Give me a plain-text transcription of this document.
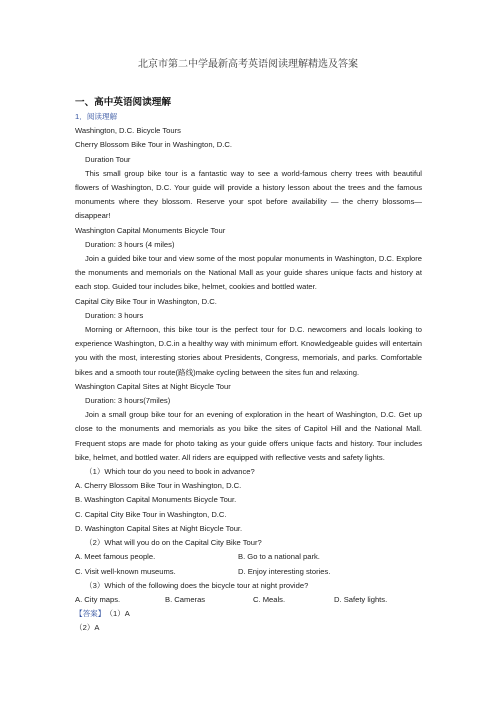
北京市第二中学最新高考英语阅读理解精选及答案
一、高中英语阅读理解
1．阅读理解
Washington, D.C. Bicycle Tours
Cherry Blossom Bike Tour in Washington, D.C.
Duration Tour
This small group bike tour is a fantastic way to see a world-famous cherry trees with beautiful flowers of Washington, D.C. Your guide will provide a history lesson about the trees and the famous monuments where they blossom. Reserve your spot before availability — the cherry blossoms—disappear!
Washington Capital Monuments Bicycle Tour
Duration: 3 hours (4 miles)
Join a guided bike tour and view some of the most popular monuments in Washington, D.C. Explore the monuments and memorials on the National Mall as your guide shares unique facts and history at each stop. Guided tour includes bike, helmet, cookies and bottled water.
Capital City Bike Tour in Washington, D.C.
Duration: 3 hours
Morning or Afternoon, this bike tour is the perfect tour for D.C. newcomers and locals looking to experience Washington, D.C.in a healthy way with minimum effort. Knowledgeable guides will entertain you with the most, interesting stories about Presidents, Congress, memorials, and parks. Comfortable bikes and a smooth tour route(路线)make cycling between the sites fun and relaxing.
Washington Capital Sites at Night Bicycle Tour
Duration: 3 hours(7miles)
Join a small group bike tour for an evening of exploration in the heart of Washington, D.C. Get up close to the monuments and memorials as you bike the sites of Capitol Hill and the National Mall. Frequent stops are made for photo taking as your guide offers unique facts and history. Tour includes bike, helmet, and bottled water. All riders are equipped with reflective vests and safety lights.
（1）Which tour do you need to book in advance?
A. Cherry Blossom Bike Tour in Washington, D.C.
B. Washington Capital Monuments Bicycle Tour.
C. Capital City Bike Tour in Washington, D.C.
D. Washington Capital Sites at Night Bicycle Tour.
（2）What will you do on the Capital City Bike Tour?
A. Meet famous people.	B. Go to a national park.
C. Visit well-known museums.	D. Enjoy interesting stories.
（3）Which of the following does the bicycle tour at night provide?
A. City maps.	B. Cameras	C. Meals.	D. Safety lights.
【答案】 （1）A
（2）A
